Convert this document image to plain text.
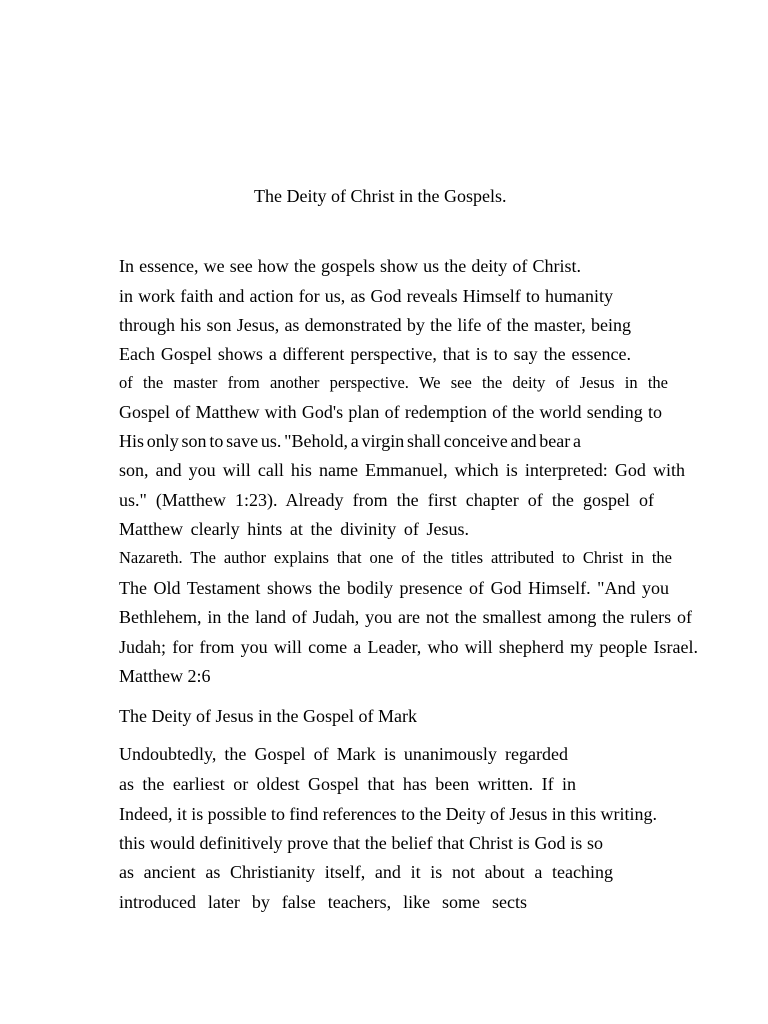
The Deity of Christ in the Gospels.
In essence, we see how the gospels show us the deity of Christ.
in work faith and action for us, as God reveals Himself to humanity
through his son Jesus, as demonstrated by the life of the master, being
Each Gospel shows a different perspective, that is to say the essence.
of the master from another perspective. We see the deity of Jesus in the
Gospel of Matthew with God's plan of redemption of the world sending to
His only son to save us. "Behold, a virgin shall conceive and bear a
son, and you will call his name Emmanuel, which is interpreted: God with
us." (Matthew 1:23). Already from the first chapter of the gospel of
Matthew clearly hints at the divinity of Jesus.
Nazareth. The author explains that one of the titles attributed to Christ in the
The Old Testament shows the bodily presence of God Himself. "And you
Bethlehem, in the land of Judah, you are not the smallest among the rulers of
Judah; for from you will come a Leader, who will shepherd my people Israel.
Matthew 2:6
The Deity of Jesus in the Gospel of Mark
Undoubtedly, the Gospel of Mark is unanimously regarded
as the earliest or oldest Gospel that has been written. If in
Indeed, it is possible to find references to the Deity of Jesus in this writing.
this would definitively prove that the belief that Christ is God is so
as ancient as Christianity itself, and it is not about a teaching
introduced later by false teachers, like some sects
